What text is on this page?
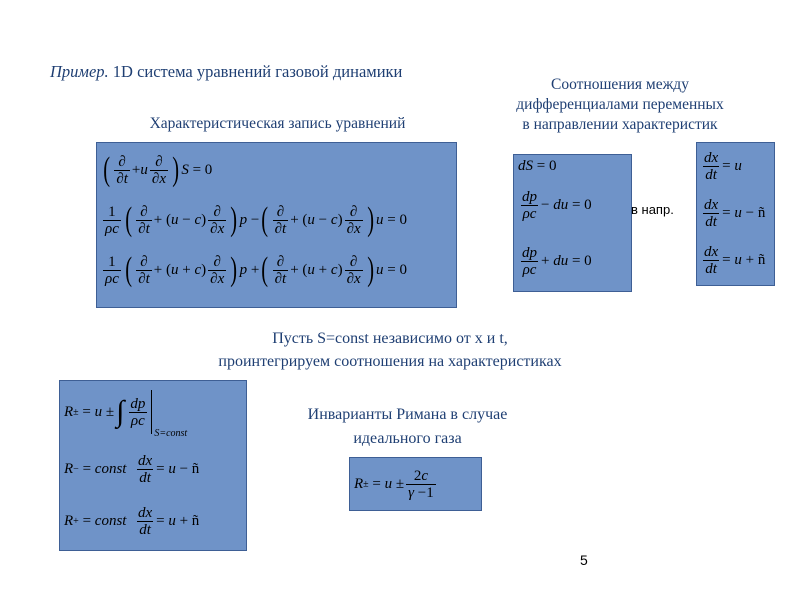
Пример. 1D система уравнений газовой динамики
Характеристическая запись уравнений
Соотношения между
дифференциалами переменных
в направлении характеристик
( $\frac{\partial}{\partial t} + u \frac{\partial}{\partial x}$ ) S = 0
$\frac{1}{\rho c}$ ( $\frac{\partial}{\partial t}$ + ( u − c ) $\frac{\partial}{\partial x}$ ) p − ( $\frac{\partial}{\partial t}$ + ( u − c ) $\frac{\partial}{\partial x}$ ) u = 0
$\frac{1}{\rho c}$ ( $\frac{\partial}{\partial t}$ + ( u + c ) $\frac{\partial}{\partial x}$ ) p + ( $\frac{\partial}{\partial t}$ + ( u + c ) $\frac{\partial}{\partial x}$ ) u = 0
dS = 0
$\frac{dp}{\rho c}$ − du = 0
$\frac{dp}{\rho c}$ + du = 0
в напр.
$\frac{dx}{dt} = u$
$\frac{dx}{dt} = u$ − ñ
$\frac{dx}{dt} = u$ + ñ
Пусть S=const независимо от x и t,
проинтегрируем соотношения на характеристиках
R ± = u ± ∫ $\frac{dp}{\rho c}$
S=const
R − = const
$\frac{dx}{dt} = u$ − ñ
R + = const
$\frac{dx}{dt} = u$ + ñ
Инварианты Римана в случае
идеального газа
R ± = $u \pm \frac{2c}{\gamma -1}$
5
